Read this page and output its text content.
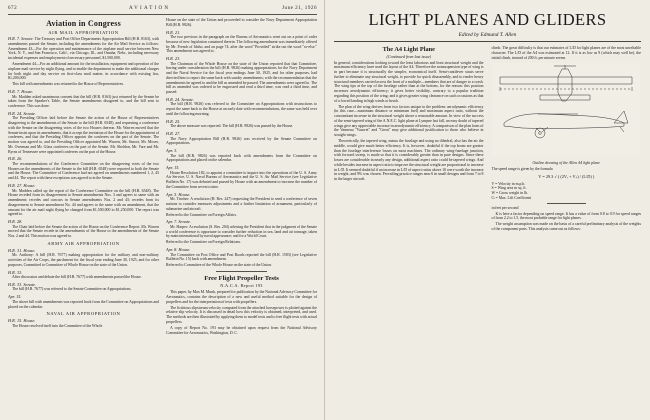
672	AVIATION	June 21, 1926
Aviation in Congress
AIR MAIL APPROPRIATION

H.R. 7. Senate. The Treasury and Post Office Departments Appropriation Bill (H.R. 8163), with amendments passed the Senate, including the amendments for the Air Mail Service as follows: Amendment 43—For the operation and maintenance of the airplane mail service between New York, N. Y., and San Francisco, Calif., via Chicago, Ill., and Omaha, Nebr., including necessary incidental expenses and employment of necessary personnel, $1,500,000.

Amendment 44—For an additional amount for the installation, equipment and operation of the airplane mail service by night flying, and to enable the department to make the additional charges for both night and day service on first-class mail matter, in accordance with existing law, $1,200,000.

This bill with amendments was returned to the House of Representatives.

H.R. 7. House.

Mr. Madden asked unanimous consent that the bill (H.R. 8163) just returned by the Senate be taken from the Speaker's Table, the Senate amendments disagreed to, and the bill sent to conference. This was done.

H.R. 24. Senate.

The Presiding Officer laid before the Senate the action of the House of Representatives disagreeing to the amendments of the Senate to the bill (H.R. 6548), and requesting a conference with the Senate on the disagreeing votes of the two Houses thereon. Mr. Warren moved that the Senate insist upon its amendments, that it accept the invitation of the House for the appointment of conferees, and that the Presiding Officer appoint the conferees on the part of the Senate. The motion was agreed to, and the Presiding Officer appointed Mr. Warren, Mr. Smoot, Mr. Moses, Mr. Overman and Mr. Glass conferees on the part of the Senate. Mr. Sheldon, Mr. Vare and Mr. Byrns of Tennessee were appointed conferees on the part of the House.

H.R. 26.

The recommendations of the Conference Committee on the disagreeing votes of the two Houses on the amendments of the Senate to the bill (H.R. 6548) were reported to both the Senate and the House. The Committee of Conference had not agreed on amendments numbered 1, 2, 43 and 44. The report with these exceptions was agreed to in the Senate.

H.R. 27. House.

Mr. Madden called up the report of the Conference Committee on the bill (H.R. 6548). The House receded from its disagreement to Senate amendments Nos. 3 and agrees to same with an amendment; recedes and concurs in Senate amendments Nos. 2 and 43; recedes from its disagreement to Senate amendment No. 44 and agrees to the same with an amendment, that the amount for the air mail night flying be changed from $1,500,000 to $1,250,000. The report was agreed to.

H.R. 28.

The Chair laid before the Senate the action of the House on the Conference Report. Mr. Warren moved that the Senate recede in the amendments of the House to the amendments of the Senate Nos. 2 and 44. This motion was agreed to.

ARMY AIR APPROPRIATION
H.R. 31. House.

Mr. Anthony: A bill (H.R. 7677) making appropriation for the military and non-military activities of the Air Corps, the parchment for the fiscal year ending June 30, 1925, and for other purposes, Committed to Committee of Whole House on the state of the Union.

H.R. 33.

After discussion and debate the bill (H.R. 7677) with amendments passed the House.

H.R. 33. Senate.

The bill (H.R. 7677) was referred to the Senate Committee on Appropriations.

Apr. 15.

The above bill with amendments was reported back from the Committee on Appropriations and placed on the calendar.

NAVAL AIR APPROPRIATION
H.R. 15. House.

The House resolved itself into the Committee of the Whole

House on the state of the Union and proceeded to consider the Navy Department Appropriation Bill (H.R. 9826).

H.R. 21.

The two previous in the paragraph on the Bureau of Aeronautics went out on a point of order because of new legislation contained therein. The following amendment was immediately offered by Mr. French of Idaho, and on page 74, after the word "Provided" strike out the word "or-else." This amendment was agreed to.

H.R. 23.

The Chairman of the Whole House on the state of the Union reported that that Committee, having under consideration the bill (H.R. 9826) making appropriations for the Navy Department and the Naval Service for the fiscal year endings June 30, 1925, and for other purposes, had directed him to report the same back with sundry amendments; with the recommendation that the amendments be agreed to and the bill as amended be passed. The amendments were agreed to. The bill as amended was ordered to be engrossed and read a third time, was read a third time, and passed.

H.R. 24. Senate.

The bill (H.R. 9826) was referred to the Committee on Appropriations with instructions to report the same back to the House at an early date with recommendations, the same was held over until the following morning.

H.R. 25.

The above measure was reported. The bill (H.R. 9826) was passed by the House.

H.R. 27.

The Navy Appropriation Bill (H.R. 9826) was received by the Senate Committee on Appropriations.

Apr. 3.

The bill (H.R. 9826) was reported back with amendments from the Committee on Appropriations and placed on the calendar.

Apr. 15.

House Resolution 182, to appoint a committee to inquire into the operations of the U. S. Army Air Service, U. S. Naval Bureau of Aeronautics and the U. S. Air Mail Service (see Legislative Bulletin No. 17) was debated and passed by House with an amendment to increase the number of the Committee from seven to nine.

Apr. 5. House.

Mr. Tincher: A resolution (H. Res. 247) requesting the President to send a conference of seven nations to consider measures adjustments and a further limitation of armament, particularly of submarine and aircraft.

Referred to the Committee on Foreign Affairs.

Apr. 7. Senate.

Mr. Harper: A resolution (S. Res. 204) advising the President that in the judgment of the Senate a world conference is opportune to consider further reduction in sea, land and air tonnage, taken by main international by naval appearance; and for a World Court.

Referred to the Committee on Foreign Relations.

Apr. 8. House.

The Committee on Post Office and Post Roads reported the bill (H.R. 1583) (see Legislative Bulletin No. 15) back with amendment.

Referred to Committee of the Whole House on the state of the Union.

Free Flight Propeller Tests
N.A.C.A. Report 193

This paper, by Max M. Munk, prepared for publication by the National Advisory Committee for Aeronautics, contains the description of a new and useful method suitable for the design of propellers and for the interpretation of tests with propellers.

The fictitious slipstream velocity computed from the attached horsepower is plotted against the relative slip velocity. It is discussed in detail how this velocity is obtained, interpreted, and used. The methods are then illustrated by applying them to model tests and to free flight tests with actual propellers.

A copy of Report No. 193 may be obtained upon request from the National Advisory Committee for Aeronautics, Washington, D. C.

LIGHT PLANES AND GLIDERS
Edited by Edmund T. Allen
The A4 Light Plane
(Continued from last issue)

In general, considerations looking toward the least laborious and least structural weight and the maximum efficiency have used the layout of the A4. Therefore the nonsuspension type of wing is in part because it is structurally the simpler, economical itself. Semi-cantilever struts serve further to eliminate any structural weight, to provide for quick disassembly, and to render heavy structural members carried across the front of a multiple—members that are of danger to a crash. The wing tips at the top of the fuselage rather than at the bottom, for the reason: this position increases aerodynamic efficiency; it gives better visibility, contrary to a popular tradition regarding this position of the wing; and it gives greater wing clearance on such occasions as that of a forced landing in high winds or brush.

The plan of the wing derives from two factors unique to the problem: aerodynamic efficiency (in this case—maximum distance or minimum fuel) and maximum aspect ratio, without the concomitant increase in the structural weight above a reasonable amount. In view of the success of the semi-tapered wing of the A.N.E.C. light plane at Lympne last fall, an easy doubt of tapered wings give any appreciable increase in aerodynamic efficiency. A comparison of the plan form of the Vanneau "Vaucret" and "Great" may give additional justification to those who believe in straight wings.

Theoretically, the tapered wing, minus the fuselage and using no dihedral, also has the air the middle, would give much better efficiency. It is, however, doubtful if the top boom are greater than the fuselage interference losses on most machines. The ordinary wing-fuselage junction, with forward sweep, is made so that it is considerably greater than in pure designs. Since these losses are considerable in nearly any design, additional aspect ratio could be tapered wings. And while besides increase in aspect ratio to improve the structural weight are proportional to increase in L/D. It seemed doubtful if an increase in L/D of aspect ratios above 10 were worth the increase in weight; and 9% was chosen. Prevailing practice ranges near 6 in small designs and from 7 to 8 in the larger aircraft.

climb. The great difficulty is that our estimates of L/D for light planes are of the most unreliable character. The L/D of the A4 was estimated at 12. If it is as low as 9 (which may well be), the initial climb, instead of 200 ft. per minute seems

Outline drawing of the Allen A4 light plane

The speed range is given by the formula

V = 29.3 √ ( (2Vᵣ + Vₛ) / (L/D) )
V = Velocity in m.p.h.
S = Wing area in sq. ft.
W = Gross weight in lb.
Cₗ = Max. Lift Coefficient

in feet per second

K is here a factor depending on speed range. It has a value of from 0.8 to 0.9 for speed ranges of from 2.2 to 1.5, the most probable range for light planes.

The weight assumption was made on the basis of a careful preliminary analysis of the weights of the component parts. This analysis came out as follows:
